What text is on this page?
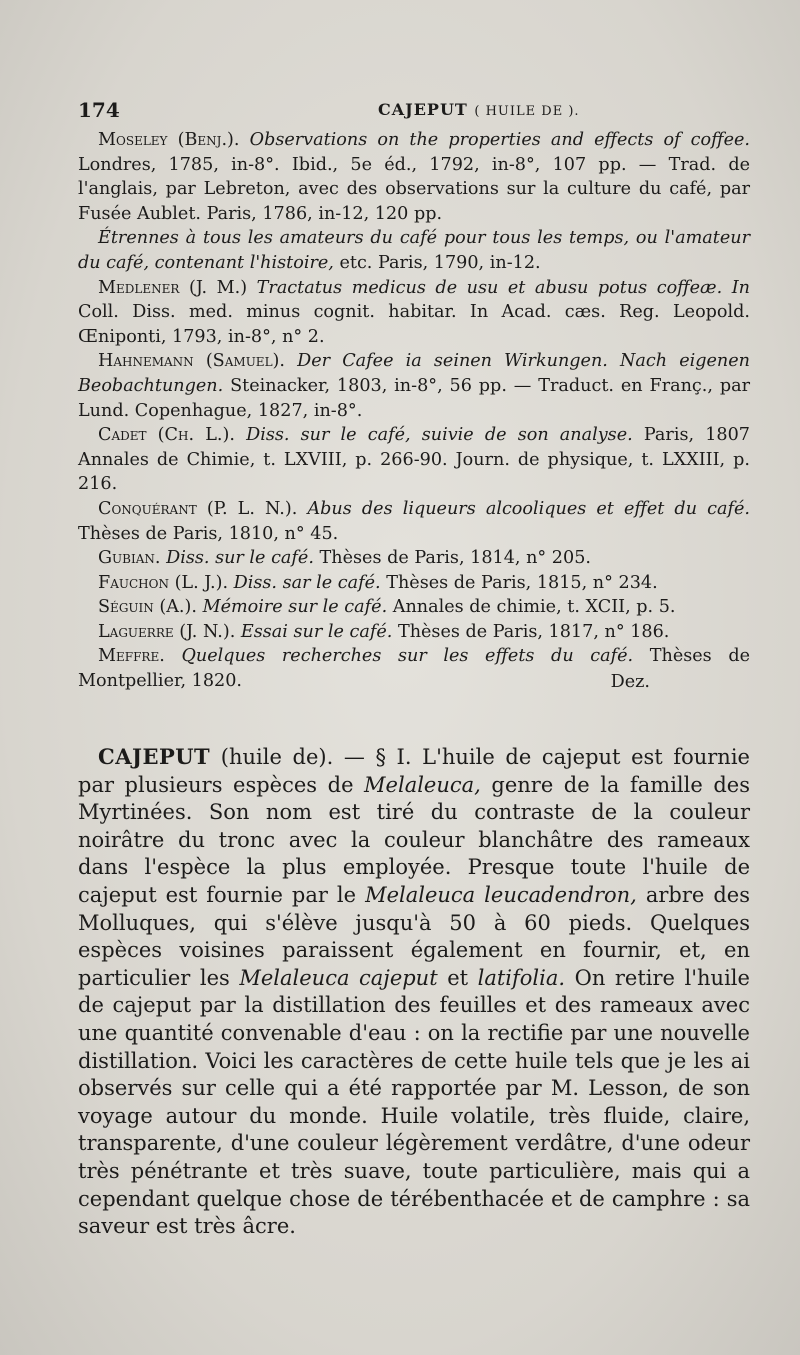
174	CAJEPUT ( HUILE DE ).

Moseley (Benj.). Observations on the properties and effects of coffee. Londres, 1785, in-8°. Ibid., 5e éd., 1792, in-8°, 107 pp. — Trad. de l'anglais, par Lebreton, avec des observations sur la culture du café, par Fusée Aublet. Paris, 1786, in-12, 120 pp.

Étrennes à tous les amateurs du café pour tous les temps, ou l'amateur du café, contenant l'histoire, etc. Paris, 1790, in-12.

Medlener (J. M.) Tractatus medicus de usu et abusu potus coffeæ. In Coll. Diss. med. minus cognit. habitar. In Acad. cæs. Reg. Leopold. Œniponti, 1793, in-8°, n° 2.

Hahnemann (Samuel). Der Cafee ia seinen Wirkungen. Nach eigenen Beobachtungen. Steinacker, 1803, in-8°, 56 pp. — Traduct. en Franç., par Lund. Copenhague, 1827, in-8°.

Cadet (Ch. L.). Diss. sur le café, suivie de son analyse. Paris, 1807 Annales de Chimie, t. LXVIII, p. 266-90. Journ. de physique, t. LXXIII, p. 216.

Conquérant (P. L. N.). Abus des liqueurs alcooliques et effet du café. Thèses de Paris, 1810, n° 45.

Gubian. Diss. sur le café. Thèses de Paris, 1814, n° 205.

Fauchon (L. J.). Diss. sar le café. Thèses de Paris, 1815, n° 234.

Séguin (A.). Mémoire sur le café. Annales de chimie, t. XCII, p. 5.

Laguerre (J. N.). Essai sur le café. Thèses de Paris, 1817, n° 186.

Meffre. Quelques recherches sur les effets du café. Thèses de Montpellier, 1820.	Dez.

CAJEPUT (huile de). — § I. L'huile de cajeput est fournie par plusieurs espèces de Melaleuca, genre de la famille des Myrtinées. Son nom est tiré du contraste de la couleur noirâtre du tronc avec la couleur blanchâtre des rameaux dans l'espèce la plus employée. Presque toute l'huile de cajeput est fournie par le Melaleuca leucadendron, arbre des Molluques, qui s'élève jusqu'à 50 à 60 pieds. Quelques espèces voisines paraissent également en fournir, et, en particulier les Melaleuca cajeput et latifolia. On retire l'huile de cajeput par la distillation des feuilles et des rameaux avec une quantité convenable d'eau : on la rectifie par une nouvelle distillation. Voici les caractères de cette huile tels que je les ai observés sur celle qui a été rapportée par M. Lesson, de son voyage autour du monde. Huile volatile, très fluide, claire, transparente, d'une couleur légèrement verdâtre, d'une odeur très pénétrante et très suave, toute particulière, mais qui a cependant quelque chose de térébenthacée et de camphre : sa saveur est très âcre.
